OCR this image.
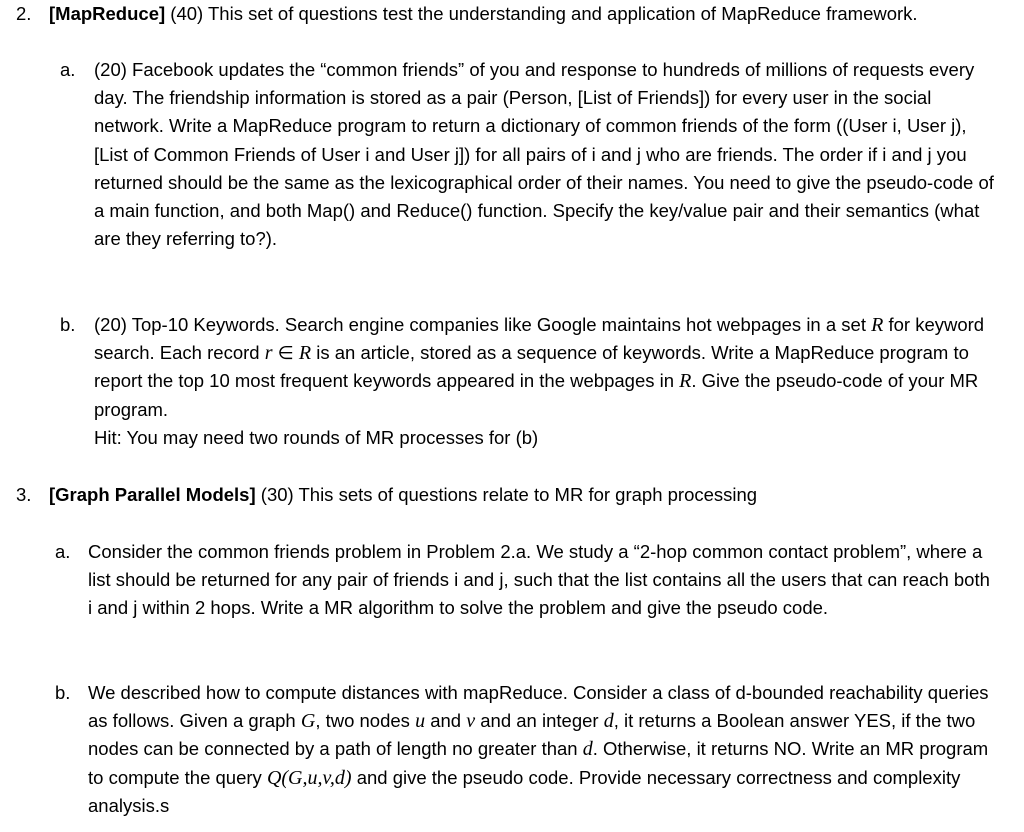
2. [MapReduce] (40) This set of questions test the understanding and application of MapReduce framework.

a. (20) Facebook updates the “common friends” of you and response to hundreds of millions of requests every day. The friendship information is stored as a pair (Person, [List of Friends]) for every user in the social network. Write a MapReduce program to return a dictionary of common friends of the form ((User i, User j), [List of Common Friends of User i and User j]) for all pairs of i and j who are friends. The order if i and j you returned should be the same as the lexicographical order of their names. You need to give the pseudo-code of a main function, and both Map() and Reduce() function. Specify the key/value pair and their semantics (what are they referring to?).

b. (20) Top-10 Keywords. Search engine companies like Google maintains hot webpages in a set R for keyword search. Each record r ∈ R is an article, stored as a sequence of keywords. Write a MapReduce program to report the top 10 most frequent keywords appeared in the webpages in R. Give the pseudo-code of your MR program.

Hit: You may need two rounds of MR processes for (b)

3. [Graph Parallel Models] (30) This sets of questions relate to MR for graph processing

a. Consider the common friends problem in Problem 2.a. We study a “2-hop common contact problem”, where a list should be returned for any pair of friends i and j, such that the list contains all the users that can reach both i and j within 2 hops. Write a MR algorithm to solve the problem and give the pseudo code.

b. We described how to compute distances with mapReduce. Consider a class of d-bounded reachability queries as follows. Given a graph G, two nodes u and v and an integer d, it returns a Boolean answer YES, if the two nodes can be connected by a path of length no greater than d. Otherwise, it returns NO. Write an MR program to compute the query Q(G,u,v,d) and give the pseudo code. Provide necessary correctness and complexity analysis.s
